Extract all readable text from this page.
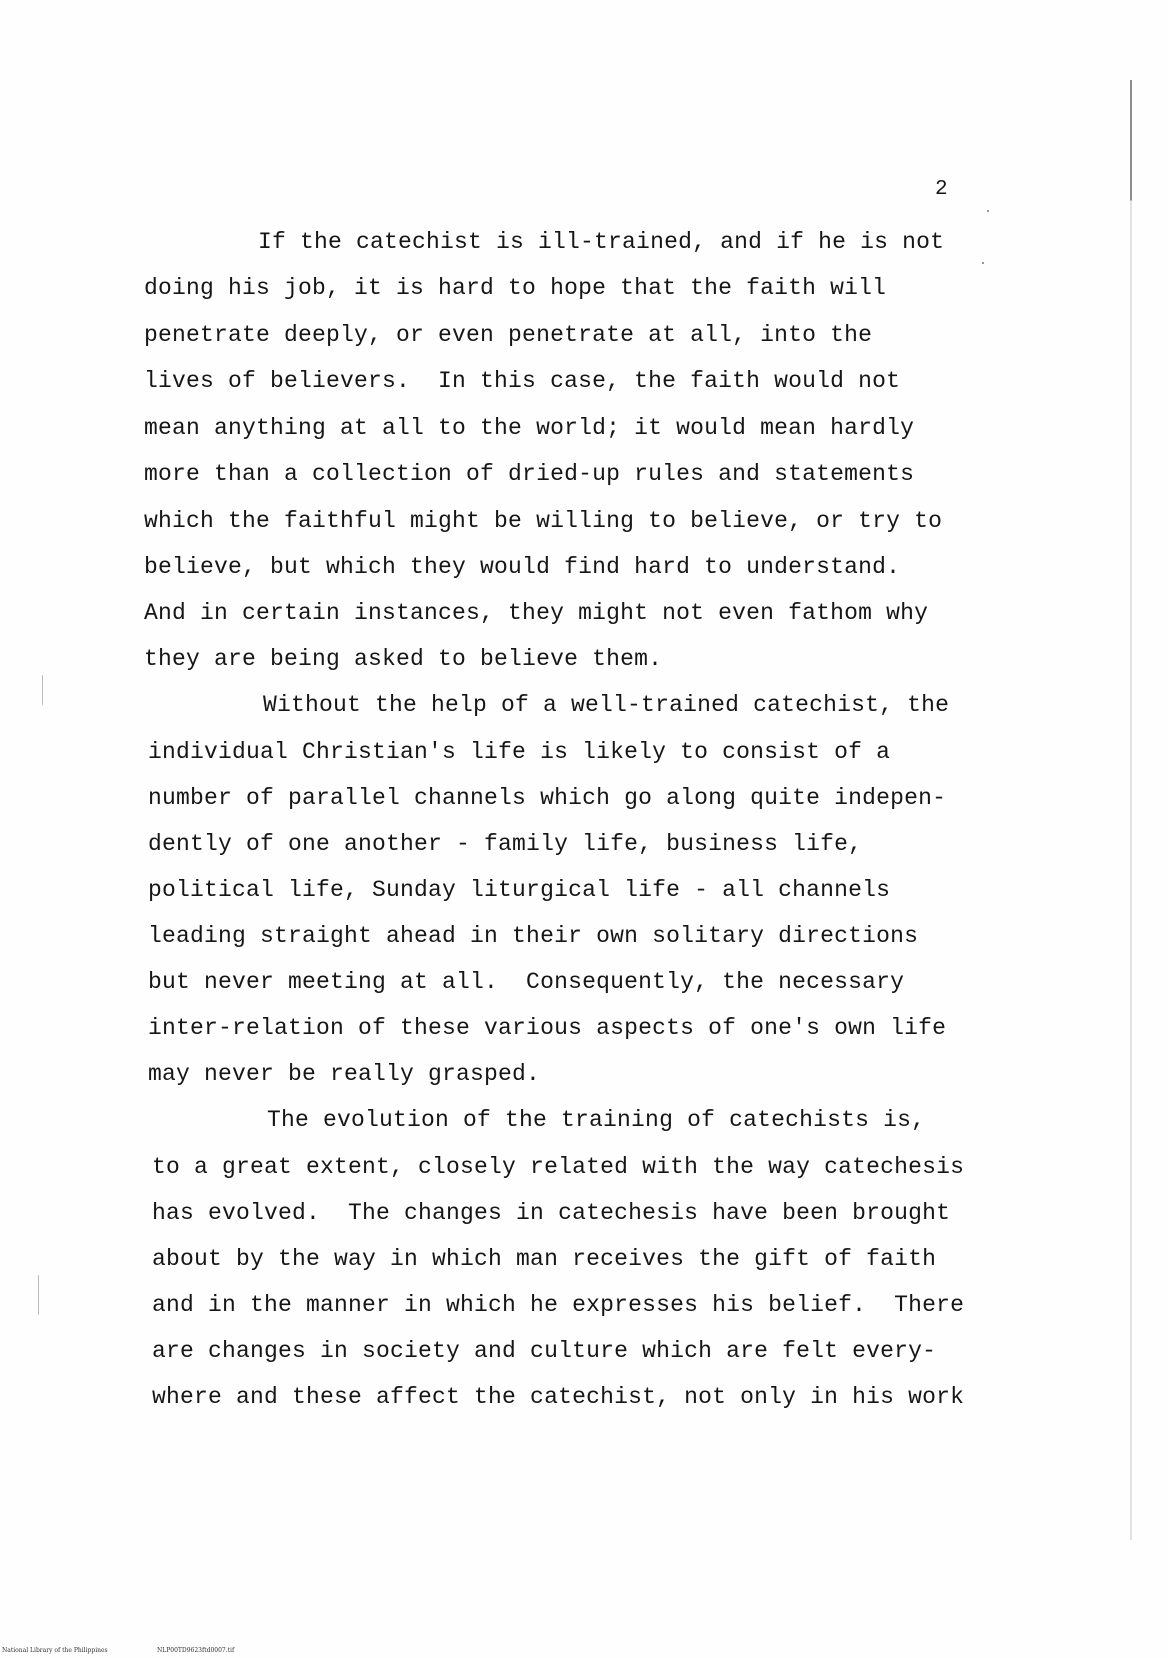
2
If the catechist is ill-trained, and if he is not
doing his job, it is hard to hope that the faith will
penetrate deeply, or even penetrate at all, into the
lives of believers.  In this case, the faith would not
mean anything at all to the world; it would mean hardly
more than a collection of dried-up rules and statements
which the faithful might be willing to believe, or try to
believe, but which they would find hard to understand.
And in certain instances, they might not even fathom why
they are being asked to believe them.
Without the help of a well-trained catechist, the
individual Christian's life is likely to consist of a
number of parallel channels which go along quite indepen-
dently of one another - family life, business life,
political life, Sunday liturgical life - all channels
leading straight ahead in their own solitary directions
but never meeting at all.  Consequently, the necessary
inter-relation of these various aspects of one's own life
may never be really grasped.
The evolution of the training of catechists is,
to a great extent, closely related with the way catechesis
has evolved.  The changes in catechesis have been brought
about by the way in which man receives the gift of faith
and in the manner in which he expresses his belief.  There
are changes in society and culture which are felt every-
where and these affect the catechist, not only in his work
National Library of the Philippines	NLP00TD9623ftd0007.tif
